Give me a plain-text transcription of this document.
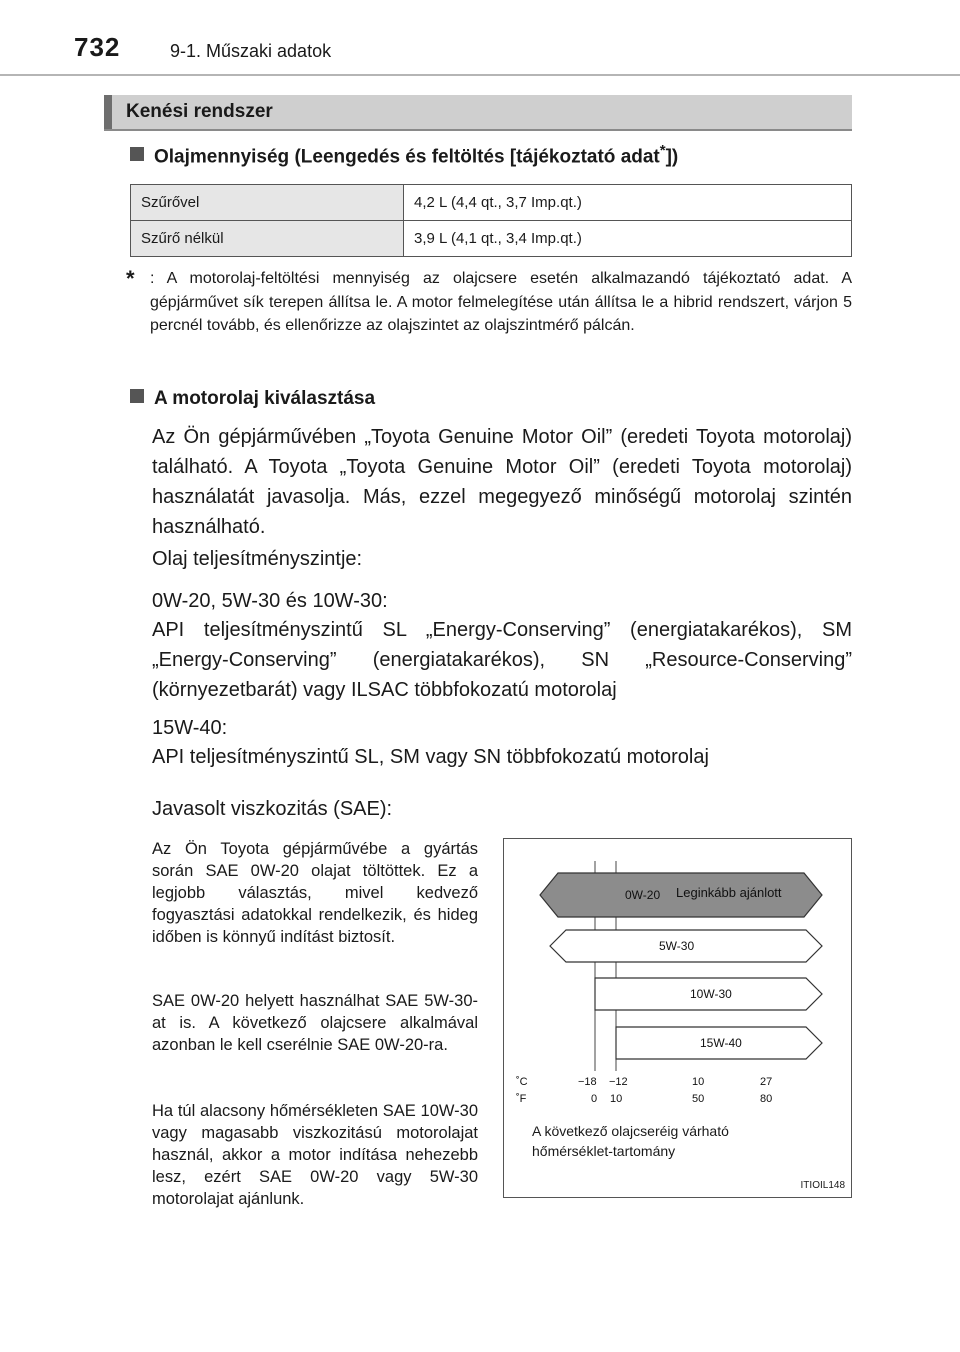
732	9-1. Műszaki adatok
Kenési rendszer
Olajmennyiség (Leengedés és feltöltés [tájékoztató adat*])
Szűrővel	4,2 L (4,4 qt., 3,7 Imp.qt.)
Szűrő nélkül	3,9 L (4,1 qt., 3,4 Imp.qt.)
* : A motorolaj-feltöltési mennyiség az olajcsere esetén alkalmazandó tájékoztató adat. A gépjárművet sík terepen állítsa le. A motor felmelegítése után állítsa le a hibrid rendszert, várjon 5 percnél tovább, és ellenőrizze az olajszintet az olajszintmérő pálcán.
A motorolaj kiválasztása
Az Ön gépjárművében „Toyota Genuine Motor Oil” (eredeti Toyota motorolaj) található. A Toyota „Toyota Genuine Motor Oil” (eredeti Toyota motorolaj) használatát javasolja. Más, ezzel megegyező minőségű motorolaj szintén használható.
Olaj teljesítményszintje:
0W-20, 5W-30 és 10W-30:
API teljesítményszintű SL „Energy-Conserving” (energiatakarékos), SM „Energy-Conserving” (energiatakarékos), SN „Resource-Conserving” (környezetbarát) vagy ILSAC többfokozatú motorolaj
15W-40:
API teljesítményszintű SL, SM vagy SN többfokozatú motorolaj
Javasolt viszkozitás (SAE):
Az Ön Toyota gépjárművébe a gyártás során SAE 0W-20 olajat töltöttek. Ez a legjobb választás, mivel kedvező fogyasztási adatokkal rendelkezik, és hideg időben is könnyű indítást biztosít.
SAE 0W-20 helyett használhat SAE 5W-30-at is. A következő olajcsere alkalmával azonban le kell cserélnie SAE 0W-20-ra.
Ha túl alacsony hőmérsékleten SAE 10W-30 vagy magasabb viszkozitású motorolajat használ, akkor a motor indítása nehezebb lesz, ezért SAE 0W-20 vagy 5W-30 motorolajat ajánlunk.
0W-20 Leginkább ajánlott
5W-30
10W-30
15W-40
˚C
˚F
−18 −12	10	27
0 10	50	80
A következő olajcseréig várható
hőmérséklet-tartomány
ITIOIL148
